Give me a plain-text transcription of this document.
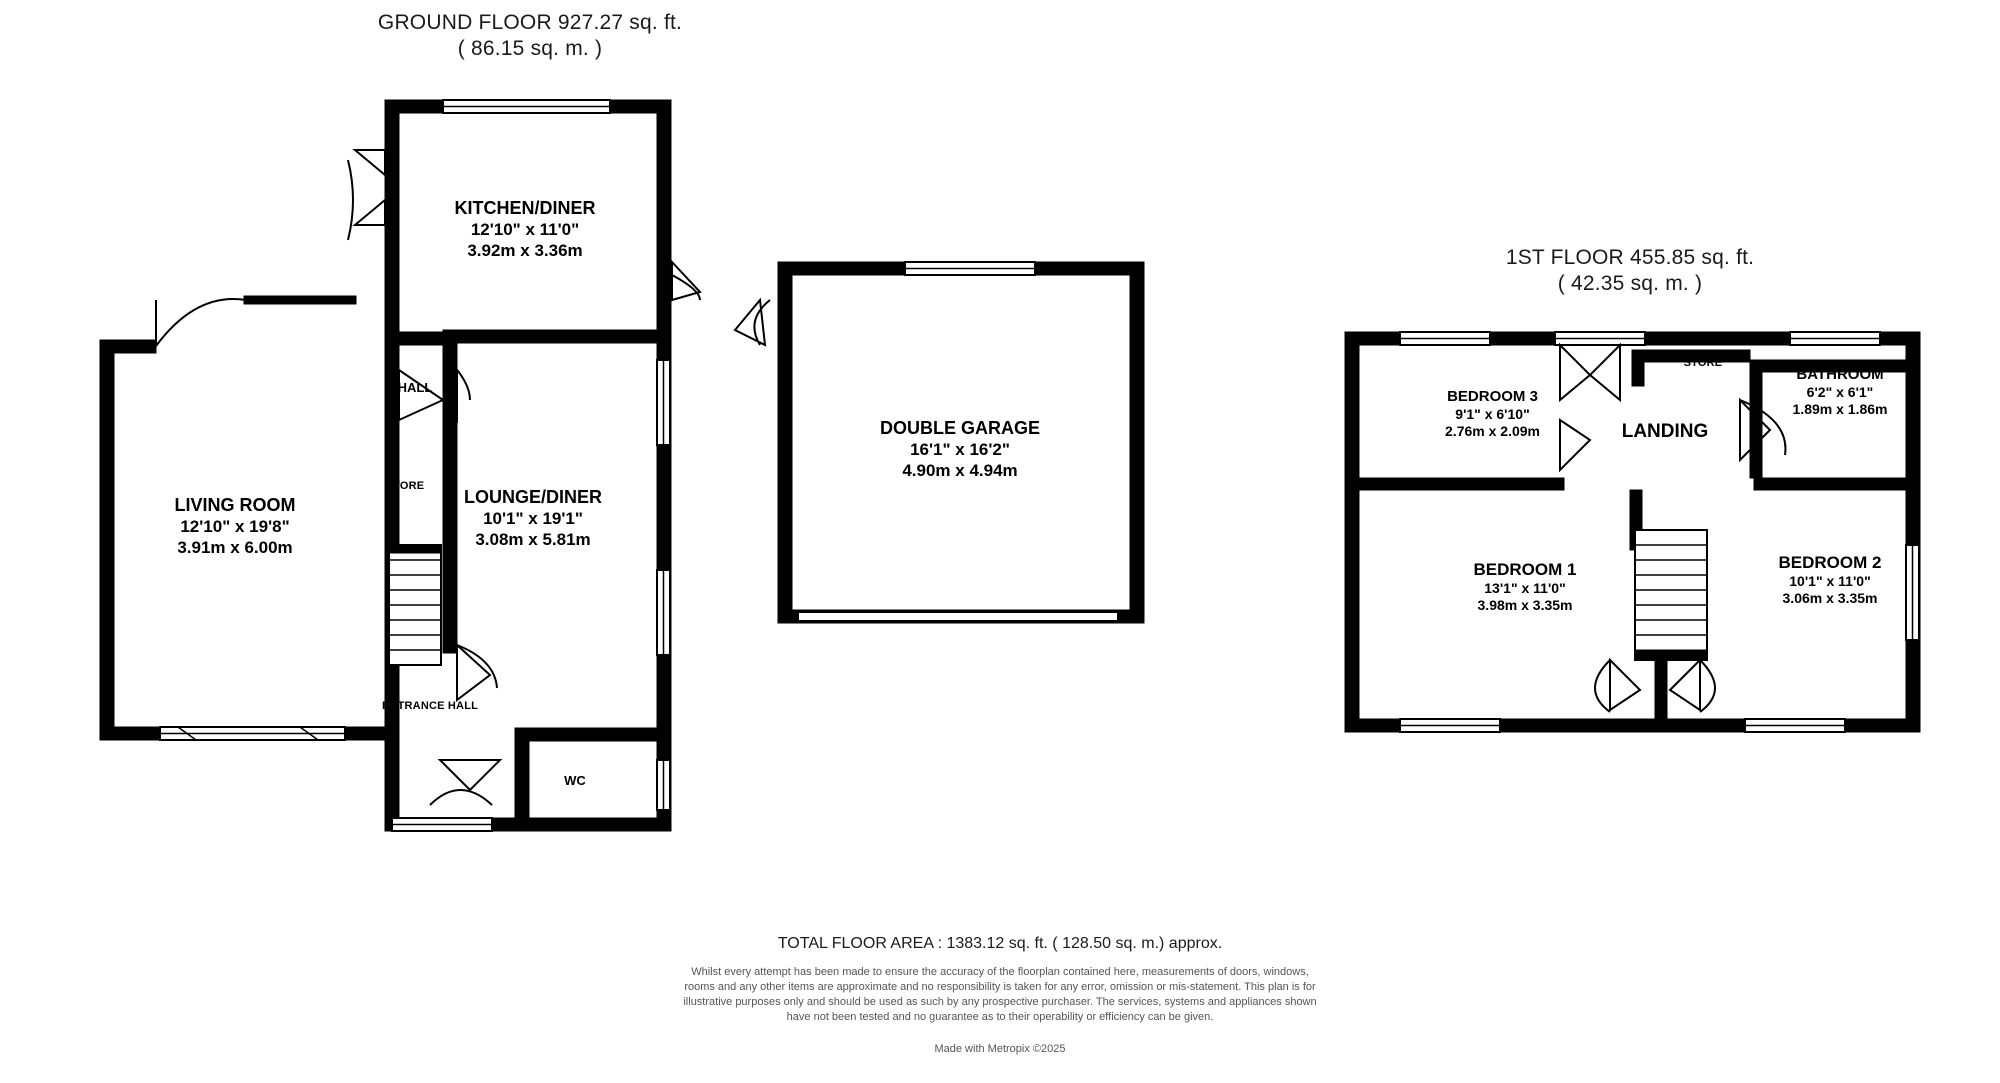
GROUND FLOOR 927.27 sq. ft.
( 86.15 sq. m. )
KITCHEN/DINER
12'10" x 11'0"
3.92m x 3.36m
LIVING ROOM
12'10" x 19'8"
3.91m x 6.00m
LOUNGE/DINER
10'1" x 19'1"
3.08m x 5.81m
HALL
STORE
ENTRANCE HALL
WC
DOUBLE GARAGE
16'1" x 16'2"
4.90m x 4.94m
1ST FLOOR 455.85 sq. ft.
( 42.35 sq. m. )
BEDROOM 3
9'1" x 6'10"
2.76m x 2.09m
BATHROOM
6'2" x 6'1"
1.89m x 1.86m
STORE
LANDING
BEDROOM 1
13'1" x 11'0"
3.98m x 3.35m
BEDROOM 2
10'1" x 11'0"
3.06m x 3.35m
TOTAL FLOOR AREA : 1383.12 sq. ft. ( 128.50 sq. m.) approx.
Whilst every attempt has been made to ensure the accuracy of the floorplan contained here, measurements of doors, windows, rooms and any other items are approximate and no responsibility is taken for any error, omission or mis-statement. This plan is for illustrative purposes only and should be used as such by any prospective purchaser. The services, systems and appliances shown have not been tested and no guarantee as to their operability or efficiency can be given.
Made with Metropix ©2025
